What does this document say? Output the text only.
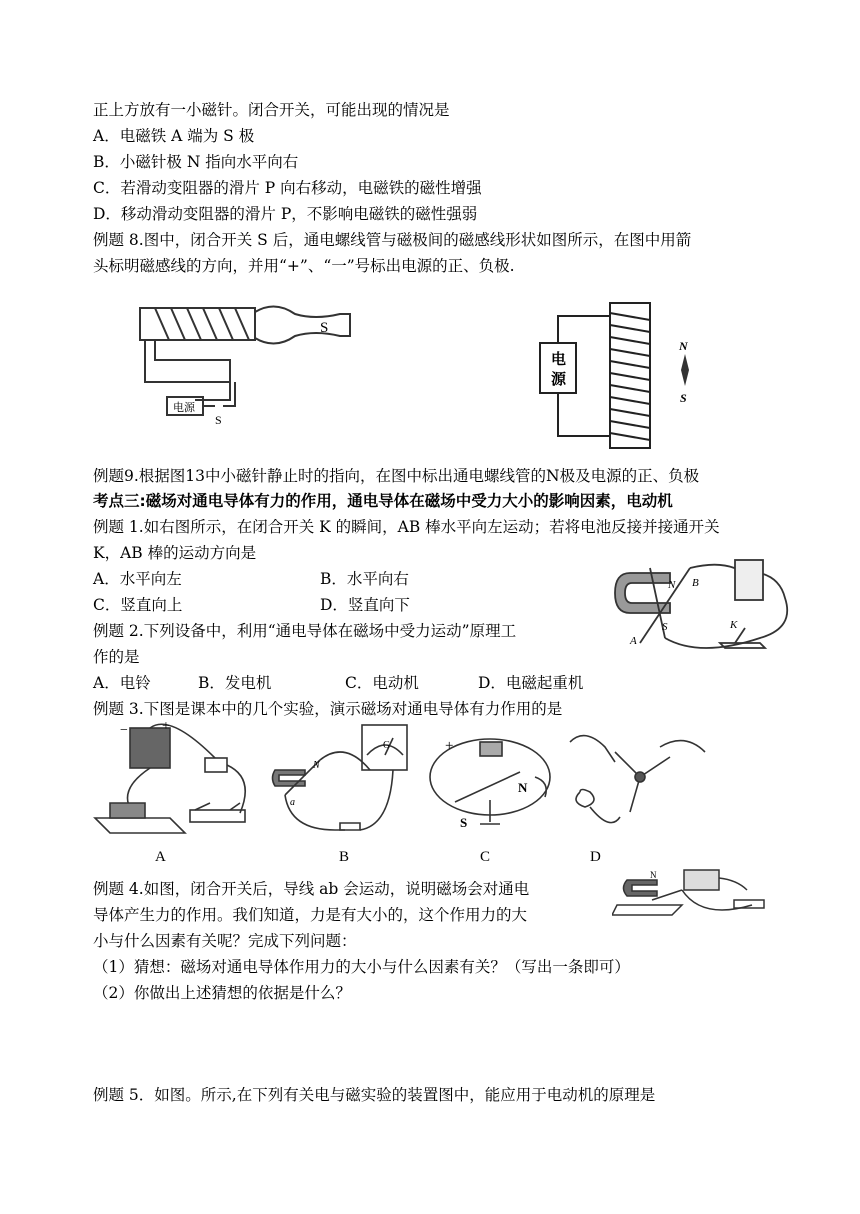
正上方放有一小磁针。闭合开关，可能出现的情况是
A．电磁铁 A 端为 S 极
B．小磁针极 N 指向水平向右
C．若滑动变阻器的滑片 P 向右移动，电磁铁的磁性增强
D．移动滑动变阻器的滑片 P，不影响电磁铁的磁性强弱
例题 8.图中，闭合开关 S 后，通电螺线管与磁极间的磁感线形状如图所示，在图中用箭
头标明磁感线的方向，并用“+”、“一”号标出电源的正、负极.
S
电源
S
电
源
N
S
例题9.根据图13中小磁针静止时的指向，在图中标出通电螺线管的N极及电源的正、负极
考点三:磁场对通电导体有力的作用，通电导体在磁场中受力大小的影响因素，电动机
例题 1.如右图所示，在闭合开关 K 的瞬间，AB 棒水平向左运动；若将电池反接并接通开关
K，AB 棒的运动方向是
A．水平向左	B．水平向右
C．竖直向上	D．竖直向下
N
S
A
B
K
例题 2.下列设备中，利用“通电导体在磁场中受力运动”原理工
作的是
A．电铃	B．发电机	C．电动机	D．电磁起重机
例题 3.下图是课本中的几个实验，演示磁场对通电导体有力作用的是
− +
N
a
G	+
N
S
A	B	C	D
例题 4.如图，闭合开关后，导线 ab 会运动，说明磁场会对通电
导体产生力的作用。我们知道，力是有大小的，这个作用力的大
小与什么因素有关呢？完成下列问题：
N
（1）猜想：磁场对通电导体作用力的大小与什么因素有关？（写出一条即可）
（2）你做出上述猜想的依据是什么？
例题 5．如图。所示,在下列有关电与磁实验的装置图中，能应用于电动机的原理是
